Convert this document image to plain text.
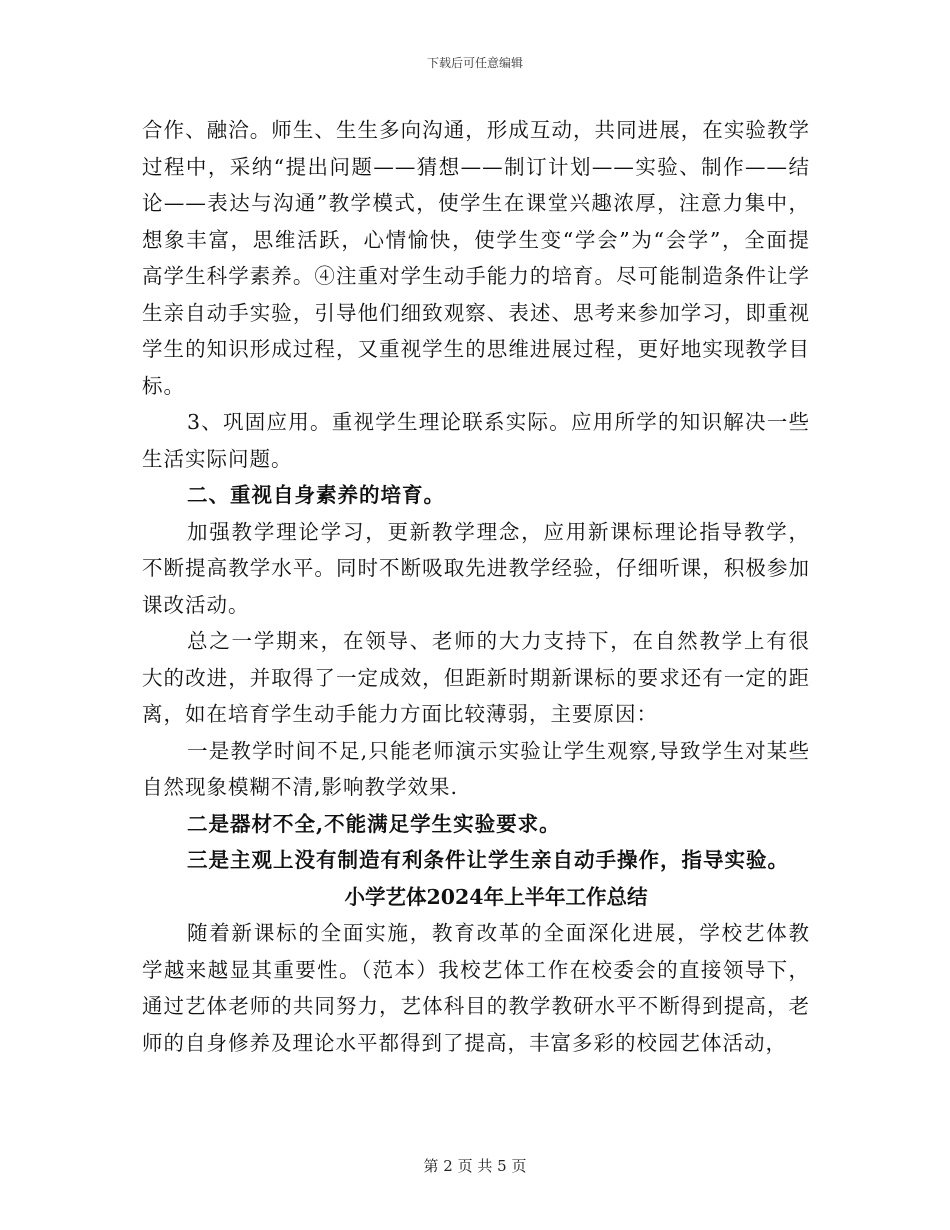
下载后可任意编辑

合作、融洽。师生、生生多向沟通，形成互动，共同进展，在实验教学过程中，采纳“提出问题——猜想——制订计划——实验、制作——结论——表达与沟通”教学模式，使学生在课堂兴趣浓厚，注意力集中，想象丰富，思维活跃，心情愉快，使学生变“学会”为“会学”，全面提高学生科学素养。④注重对学生动手能力的培育。尽可能制造条件让学生亲自动手实验，引导他们细致观察、表述、思考来参加学习，即重视学生的知识形成过程，又重视学生的思维进展过程，更好地实现教学目标。

3、巩固应用。重视学生理论联系实际。应用所学的知识解决一些生活实际问题。

二、重视自身素养的培育。

加强教学理论学习，更新教学理念，应用新课标理论指导教学，不断提高教学水平。同时不断吸取先进教学经验，仔细听课，积极参加课改活动。

总之一学期来，在领导、老师的大力支持下，在自然教学上有很大的改进，并取得了一定成效，但距新时期新课标的要求还有一定的距离，如在培育学生动手能力方面比较薄弱，主要原因：

一是教学时间不足,只能老师演示实验让学生观察,导致学生对某些自然现象模糊不清,影响教学效果.

二是器材不全,不能满足学生实验要求。

三是主观上没有制造有利条件让学生亲自动手操作，指导实验。

小学艺体2024年上半年工作总结

随着新课标的全面实施，教育改革的全面深化进展，学校艺体教学越来越显其重要性。（范本）我校艺体工作在校委会的直接领导下，通过艺体老师的共同努力，艺体科目的教学教研水平不断得到提高，老师的自身修养及理论水平都得到了提高，丰富多彩的校园艺体活动，

第 2 页 共 5 页
